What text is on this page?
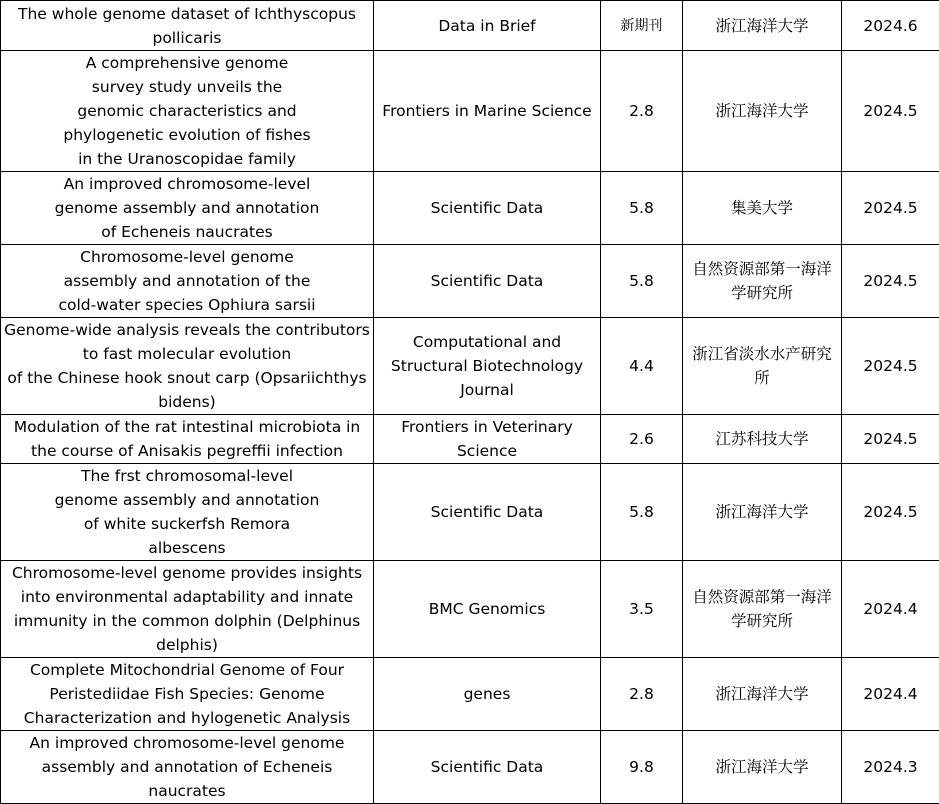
The whole genome dataset of Ichthyscopus
pollicaris	Data in Brief	新期刊	浙江海洋大学	2024.6
A comprehensive genome
survey study unveils the
genomic characteristics and
phylogenetic evolution of fishes
in the Uranoscopidae family	Frontiers in Marine Science	2.8	浙江海洋大学	2024.5
An improved chromosome-level
genome assembly and annotation
of Echeneis naucrates	Scientific Data	5.8	集美大学	2024.5
Chromosome-level genome
assembly and annotation of the
cold-water species Ophiura sarsii	Scientific Data	5.8	自然资源部第一海洋
学研究所	2024.5
Genome-wide analysis reveals the contributors
to fast molecular evolution
of the Chinese hook snout carp (Opsariichthys
bidens)	Computational and
Structural Biotechnology
Journal	4.4	浙江省淡水水产研究
所	2024.5
Modulation of the rat intestinal microbiota in
the course of Anisakis pegreffii infection	Frontiers in Veterinary
Science	2.6	江苏科技大学	2024.5
The frst chromosomal-level
genome assembly and annotation
of white suckerfsh Remora
albescens	Scientific Data	5.8	浙江海洋大学	2024.5
Chromosome-level genome provides insights
into environmental adaptability and innate
immunity in the common dolphin (Delphinus
delphis)	BMC Genomics	3.5	自然资源部第一海洋
学研究所	2024.4
Complete Mitochondrial Genome of Four
Peristediidae Fish Species: Genome
Characterization and hylogenetic Analysis	genes	2.8	浙江海洋大学	2024.4
An improved chromosome-level genome
assembly and annotation of Echeneis naucrates	Scientific Data	9.8	浙江海洋大学	2024.3
